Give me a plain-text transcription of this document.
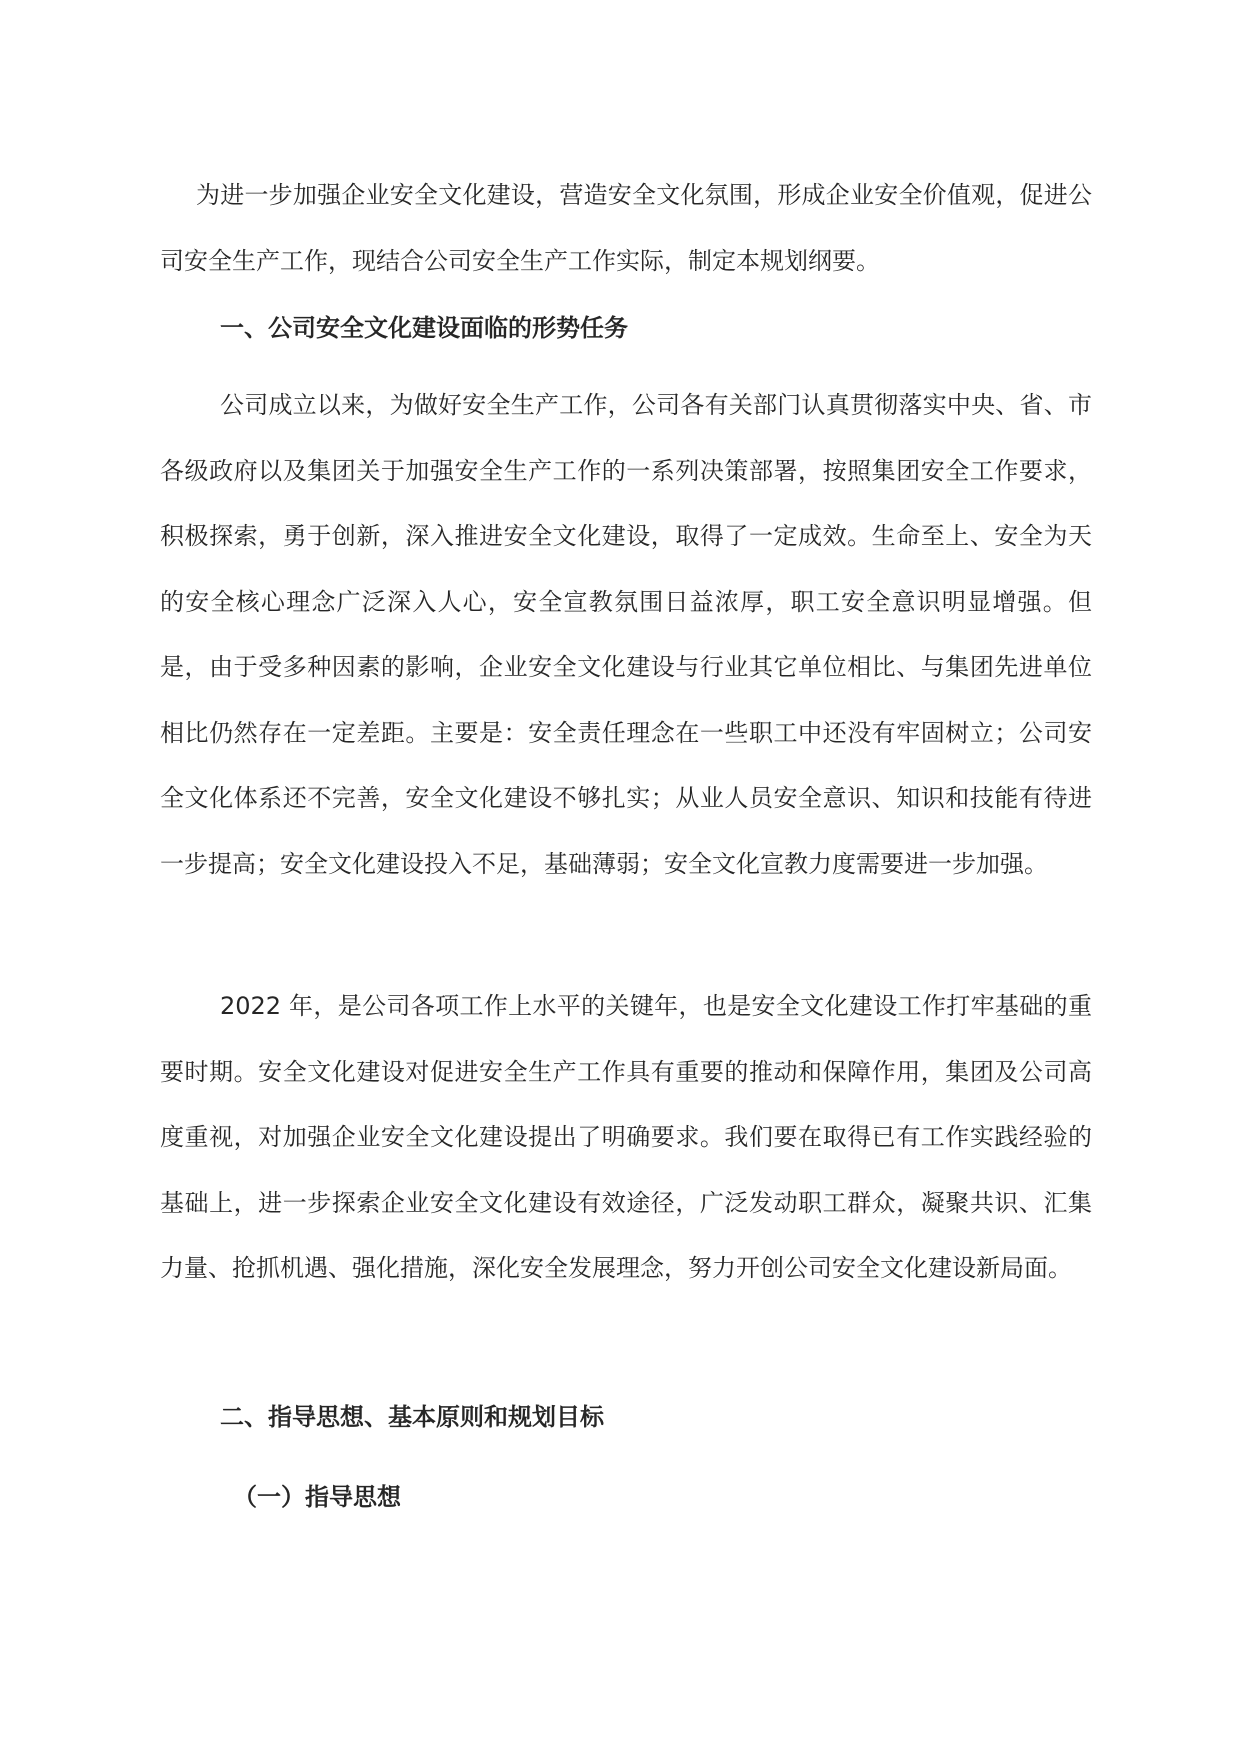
为进一步加强企业安全文化建设，营造安全文化氛围，形成企业安全价值观，促进公司安全生产工作，现结合公司安全生产工作实际，制定本规划纲要。

一、公司安全文化建设面临的形势任务

公司成立以来，为做好安全生产工作，公司各有关部门认真贯彻落实中央、省、市各级政府以及集团关于加强安全生产工作的一系列决策部署，按照集团安全工作要求，积极探索，勇于创新，深入推进安全文化建设，取得了一定成效。生命至上、安全为天的安全核心理念广泛深入人心，安全宣教氛围日益浓厚，职工安全意识明显增强。但是，由于受多种因素的影响，企业安全文化建设与行业其它单位相比、与集团先进单位相比仍然存在一定差距。主要是：安全责任理念在一些职工中还没有牢固树立；公司安全文化体系还不完善，安全文化建设不够扎实；从业人员安全意识、知识和技能有待进一步提高；安全文化建设投入不足，基础薄弱；安全文化宣教力度需要进一步加强。

2022 年，是公司各项工作上水平的关键年，也是安全文化建设工作打牢基础的重要时期。安全文化建设对促进安全生产工作具有重要的推动和保障作用，集团及公司高度重视，对加强企业安全文化建设提出了明确要求。我们要在取得已有工作实践经验的基础上，进一步探索企业安全文化建设有效途径，广泛发动职工群众，凝聚共识、汇集力量、抢抓机遇、强化措施，深化安全发展理念，努力开创公司安全文化建设新局面。

二、指导思想、基本原则和规划目标
（一）指导思想
